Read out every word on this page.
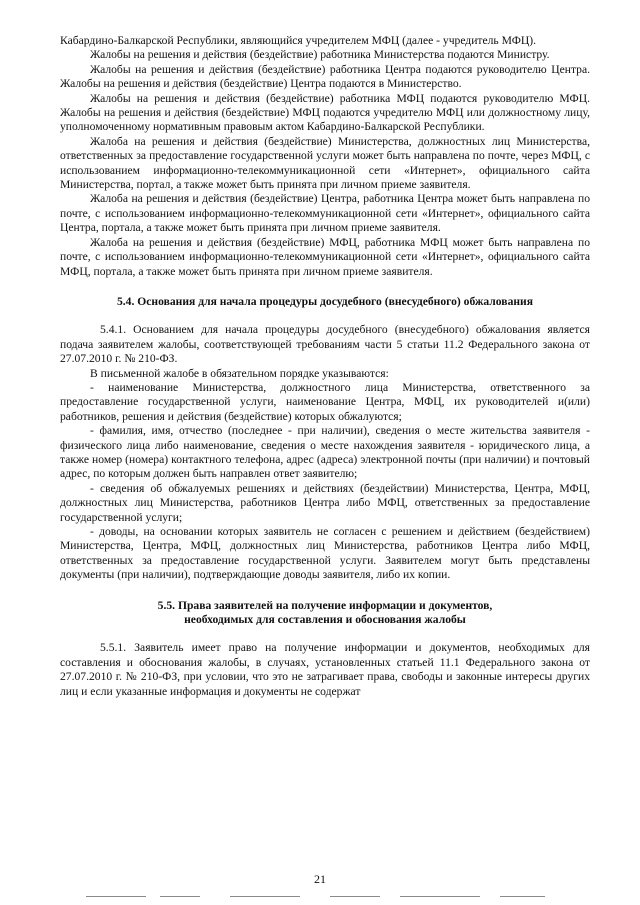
Кабардино-Балкарской Республики, являющийся учредителем МФЦ (далее - учредитель МФЦ).

Жалобы на решения и действия (бездействие) работника Министерства подаются Министру.

Жалобы на решения и действия (бездействие) работника Центра подаются руководителю Центра. Жалобы на решения и действия (бездействие) Центра подаются в Министерство.

Жалобы на решения и действия (бездействие) работника МФЦ подаются руководителю МФЦ. Жалобы на решения и действия (бездействие) МФЦ подаются учредителю МФЦ или должностному лицу, уполномоченному нормативным правовым актом Кабардино-Балкарской Республики.

Жалоба на решения и действия (бездействие) Министерства, должностных лиц Министерства, ответственных за предоставление государственной услуги может быть направлена по почте, через МФЦ, с использованием информационно-телекоммуникационной сети «Интернет», официального сайта Министерства, портал, а также может быть принята при личном приеме заявителя.

Жалоба на решения и действия (бездействие) Центра, работника Центра может быть направлена по почте, с использованием информационно-телекоммуникационной сети «Интернет», официального сайта Центра, портала, а также может быть принята при личном приеме заявителя.

Жалоба на решения и действия (бездействие) МФЦ, работника МФЦ может быть направлена по почте, с использованием информационно-телекоммуникационной сети «Интернет», официального сайта МФЦ, портала, а также может быть принята при личном приеме заявителя.

5.4. Основания для начала процедуры досудебного (внесудебного) обжалования

5.4.1. Основанием для начала процедуры досудебного (внесудебного) обжалования является подача заявителем жалобы, соответствующей требованиям части 5 статьи 11.2 Федерального закона от 27.07.2010 г. № 210-ФЗ.

В письменной жалобе в обязательном порядке указываются:

- наименование Министерства, должностного лица Министерства, ответственного за предоставление государственной услуги, наименование Центра, МФЦ, их руководителей и(или) работников, решения и действия (бездействие) которых обжалуются;

- фамилия, имя, отчество (последнее - при наличии), сведения о месте жительства заявителя - физического лица либо наименование, сведения о месте нахождения заявителя - юридического лица, а также номер (номера) контактного телефона, адрес (адреса) электронной почты (при наличии) и почтовый адрес, по которым должен быть направлен ответ заявителю;

- сведения об обжалуемых решениях и действиях (бездействии) Министерства, Центра, МФЦ, должностных лиц Министерства, работников Центра либо МФЦ, ответственных за предоставление государственной услуги;

- доводы, на основании которых заявитель не согласен с решением и действием (бездействием) Министерства, Центра, МФЦ, должностных лиц Министерства, работников Центра либо МФЦ, ответственных за предоставление государственной услуги. Заявителем могут быть представлены документы (при наличии), подтверждающие доводы заявителя, либо их копии.

5.5. Права заявителей на получение информации и документов,

необходимых для составления и обоснования жалобы

5.5.1. Заявитель имеет право на получение информации и документов, необходимых для составления и обоснования жалобы, в случаях, установленных статьей 11.1 Федерального закона от 27.07.2010 г. № 210-ФЗ, при условии, что это не затрагивает права, свободы и законные интересы других лиц и если указанные информация и документы не содержат

21
